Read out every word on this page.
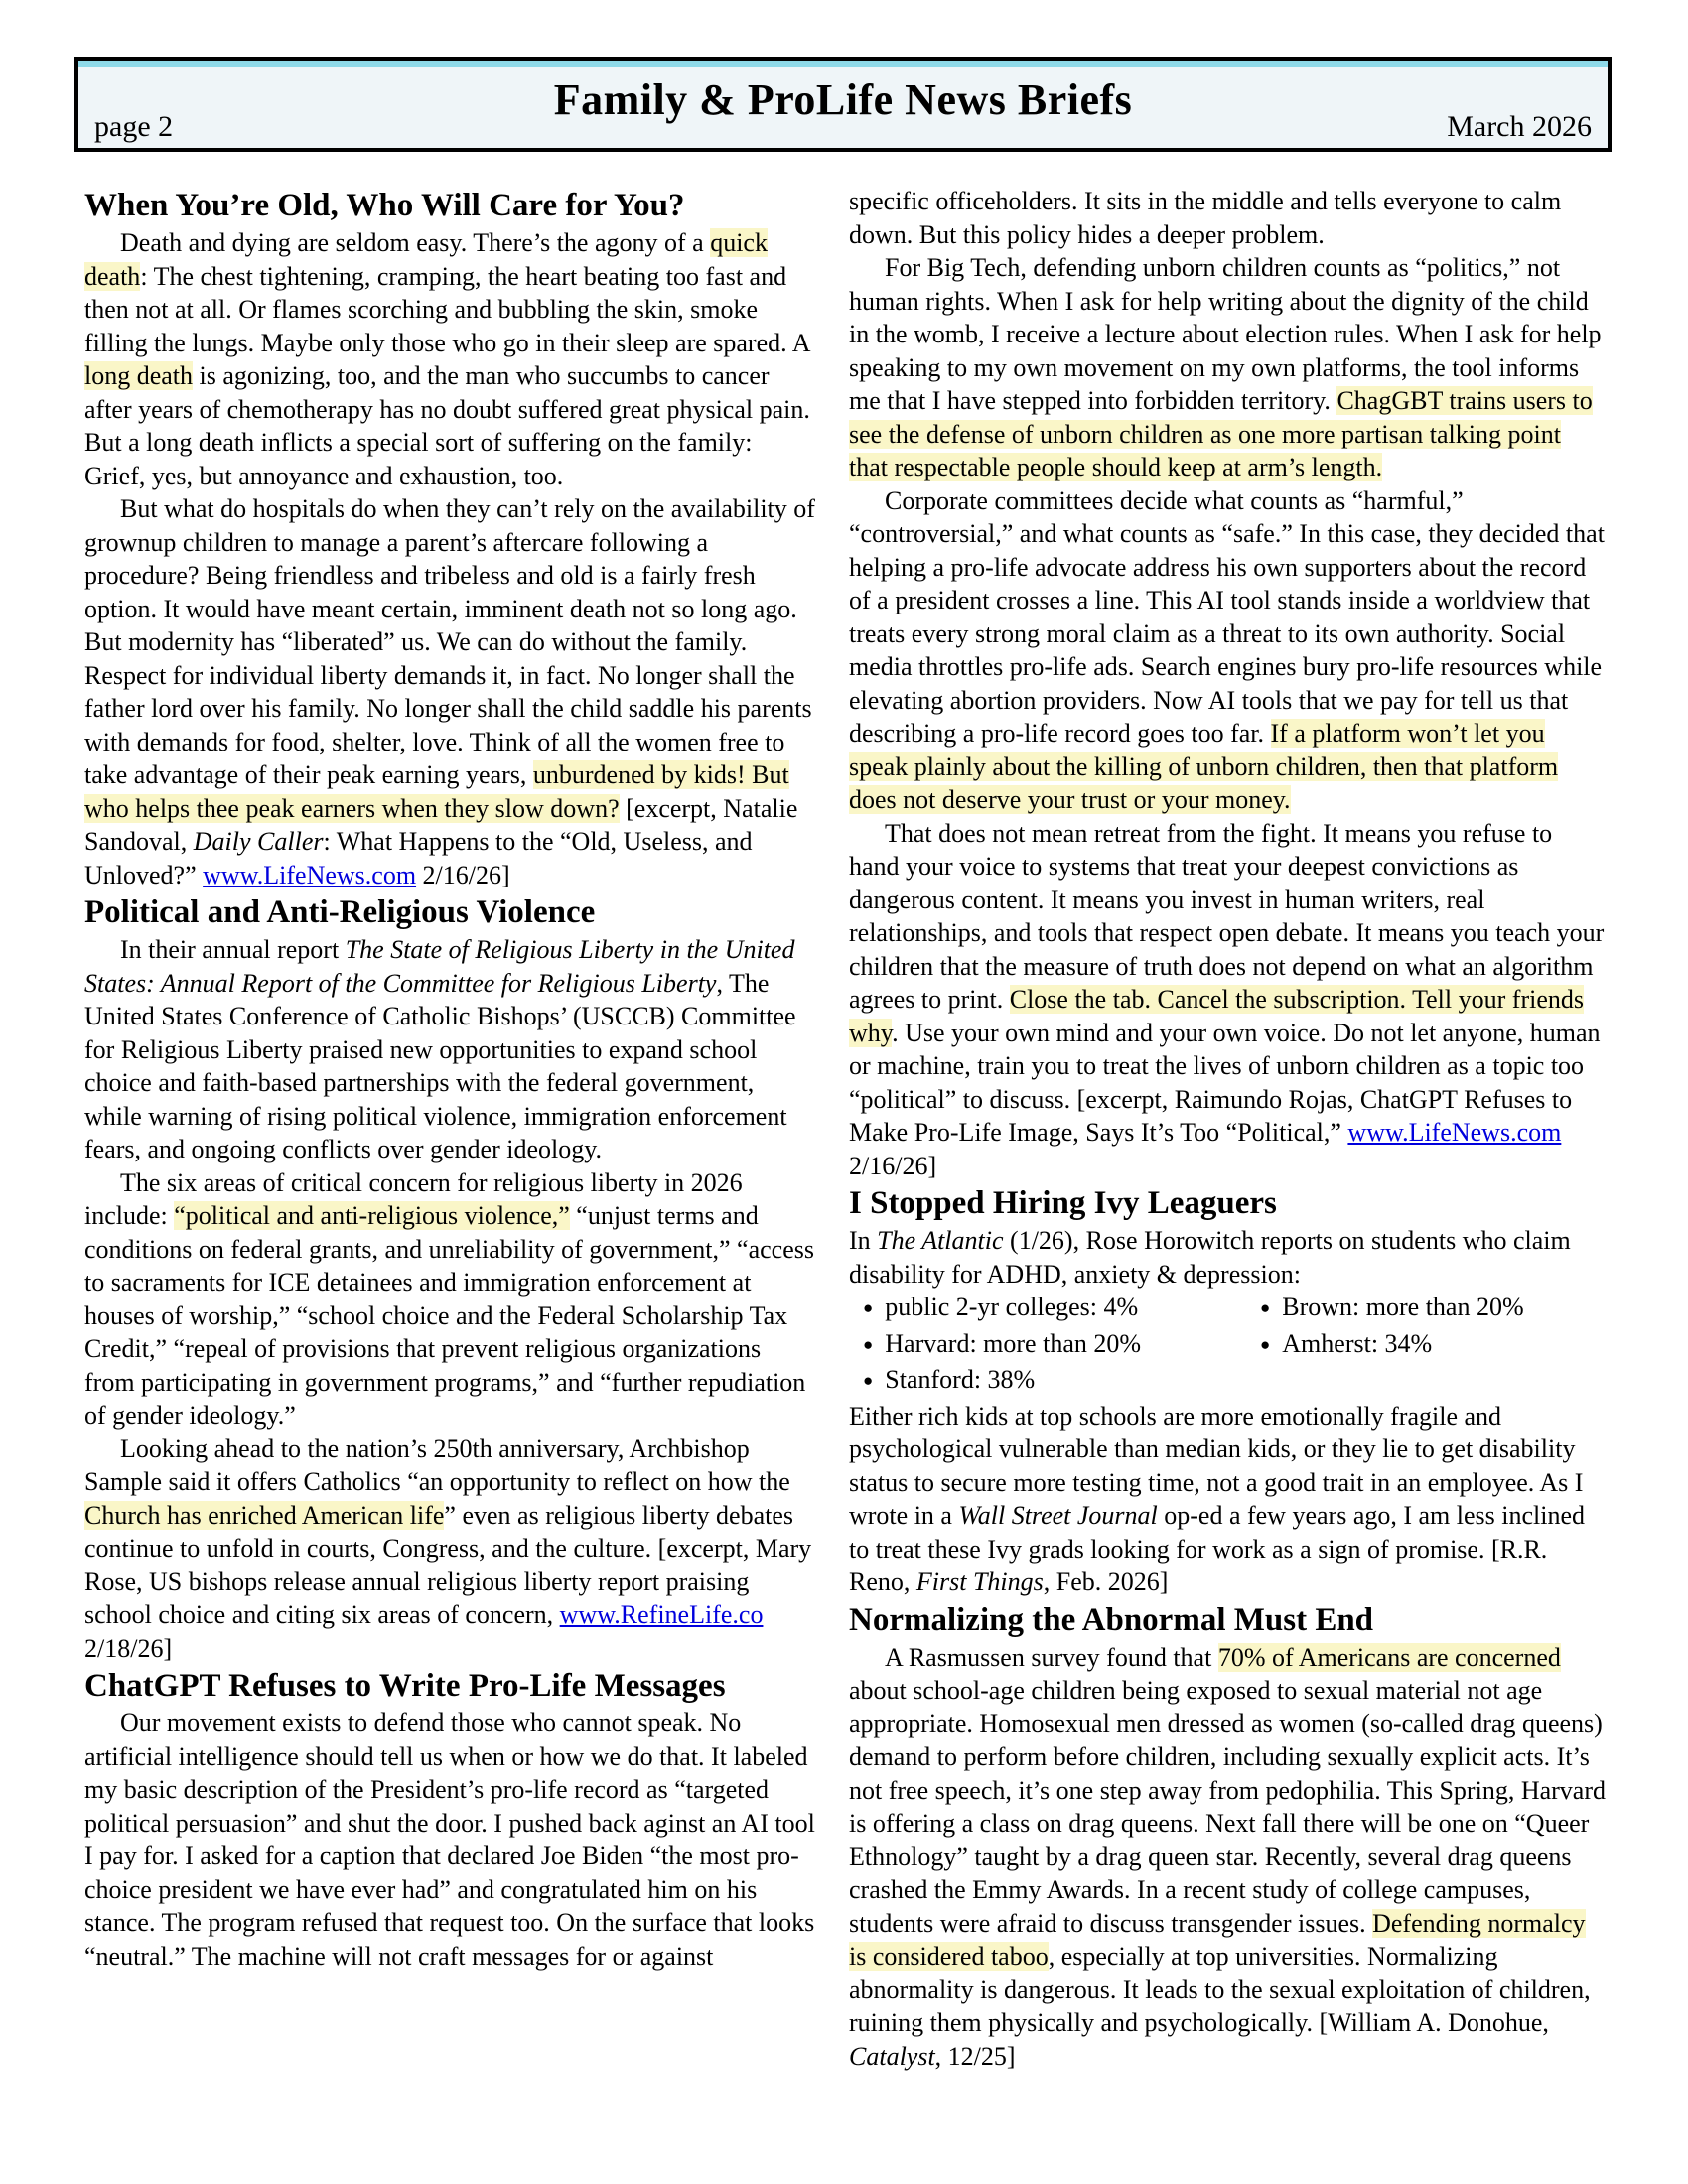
Family & ProLife News Briefs
page 2	March 2026
When You’re Old, Who Will Care for You?
Death and dying are seldom easy. There’s the agony of a quick death: The chest tightening, cramping, the heart beating too fast and then not at all. Or flames scorching and bubbling the skin, smoke filling the lungs. Maybe only those who go in their sleep are spared. A long death is agonizing, too, and the man who succumbs to cancer after years of chemotherapy has no doubt suffered great physical pain. But a long death inflicts a special sort of suffering on the family: Grief, yes, but annoyance and exhaustion, too.
But what do hospitals do when they can’t rely on the availability of grownup children to manage a parent’s aftercare following a procedure? Being friendless and tribeless and old is a fairly fresh option. It would have meant certain, imminent death not so long ago. But modernity has “liberated” us. We can do without the family. Respect for individual liberty demands it, in fact. No longer shall the father lord over his family. No longer shall the child saddle his parents with demands for food, shelter, love. Think of all the women free to take advantage of their peak earning years, unburdened by kids! But who helps thee peak earners when they slow down? [excerpt, Natalie Sandoval, Daily Caller: What Happens to the “Old, Useless, and Unloved?” www.LifeNews.com 2/16/26]
Political and Anti-Religious Violence
In their annual report The State of Religious Liberty in the United States: Annual Report of the Committee for Religious Liberty, The United States Conference of Catholic Bishops’ (USCCB) Committee for Religious Liberty praised new opportunities to expand school choice and faith-based partnerships with the federal government, while warning of rising political violence, immigration enforcement fears, and ongoing conflicts over gender ideology.
The six areas of critical concern for religious liberty in 2026 include: “political and anti-religious violence,” “unjust terms and conditions on federal grants, and unreliability of government,” “access to sacraments for ICE detainees and immigration enforcement at houses of worship,” “school choice and the Federal Scholarship Tax Credit,” “repeal of provisions that prevent religious organizations from participating in government programs,” and “further repudiation of gender ideology.”
Looking ahead to the nation’s 250th anniversary, Archbishop Sample said it offers Catholics “an opportunity to reflect on how the Church has enriched American life” even as religious liberty debates continue to unfold in courts, Congress, and the culture. [excerpt, Mary Rose, US bishops release annual religious liberty report praising school choice and citing six areas of concern, www.RefineLife.co 2/18/26]
ChatGPT Refuses to Write Pro-Life Messages
Our movement exists to defend those who cannot speak. No artificial intelligence should tell us when or how we do that. It labeled my basic description of the President’s pro-life record as “targeted political persuasion” and shut the door. I pushed back aginst an AI tool I pay for. I asked for a caption that declared Joe Biden “the most pro-choice president we have ever had” and congratulated him on his stance. The program refused that request too. On the surface that looks “neutral.” The machine will not craft messages for or against
specific officeholders. It sits in the middle and tells everyone to calm down. But this policy hides a deeper problem.
For Big Tech, defending unborn children counts as “politics,” not human rights. When I ask for help writing about the dignity of the child in the womb, I receive a lecture about election rules. When I ask for help speaking to my own movement on my own platforms, the tool informs me that I have stepped into forbidden territory. ChagGBT trains users to see the defense of unborn children as one more partisan talking point that respectable people should keep at arm’s length.
Corporate committees decide what counts as “harmful,” “controversial,” and what counts as “safe.” In this case, they decided that helping a pro-life advocate address his own supporters about the record of a president crosses a line. This AI tool stands inside a worldview that treats every strong moral claim as a threat to its own authority. Social media throttles pro-life ads. Search engines bury pro-life resources while elevating abortion providers. Now AI tools that we pay for tell us that describing a pro-life record goes too far. If a platform won’t let you speak plainly about the killing of unborn children, then that platform does not deserve your trust or your money.
That does not mean retreat from the fight. It means you refuse to hand your voice to systems that treat your deepest convictions as dangerous content. It means you invest in human writers, real relationships, and tools that respect open debate. It means you teach your children that the measure of truth does not depend on what an algorithm agrees to print. Close the tab. Cancel the subscription. Tell your friends why. Use your own mind and your own voice. Do not let anyone, human or machine, train you to treat the lives of unborn children as a topic too “political” to discuss. [excerpt, Raimundo Rojas, ChatGPT Refuses to Make Pro-Life Image, Says It’s Too “Political,” www.LifeNews.com 2/16/26]
I Stopped Hiring Ivy Leaguers
In The Atlantic (1/26), Rose Horowitch reports on students who claim disability for ADHD, anxiety & depression:
● public 2-yr colleges: 4%
● Harvard: more than 20%
● Stanford: 38%
● Brown: more than 20%
● Amherst: 34%
Either rich kids at top schools are more emotionally fragile and psychological vulnerable than median kids, or they lie to get disability status to secure more testing time, not a good trait in an employee. As I wrote in a Wall Street Journal op-ed a few years ago, I am less inclined to treat these Ivy grads looking for work as a sign of promise. [R.R. Reno, First Things, Feb. 2026]
Normalizing the Abnormal Must End
A Rasmussen survey found that 70% of Americans are concerned about school-age children being exposed to sexual material not age appropriate. Homosexual men dressed as women (so-called drag queens) demand to perform before children, including sexually explicit acts. It’s not free speech, it’s one step away from pedophilia. This Spring, Harvard is offering a class on drag queens. Next fall there will be one on “Queer Ethnology” taught by a drag queen star. Recently, several drag queens crashed the Emmy Awards. In a recent study of college campuses, students were afraid to discuss transgender issues. Defending normalcy is considered taboo, especially at top universities. Normalizing abnormality is dangerous. It leads to the sexual exploitation of children, ruining them physically and psychologically. [William A. Donohue, Catalyst, 12/25]
